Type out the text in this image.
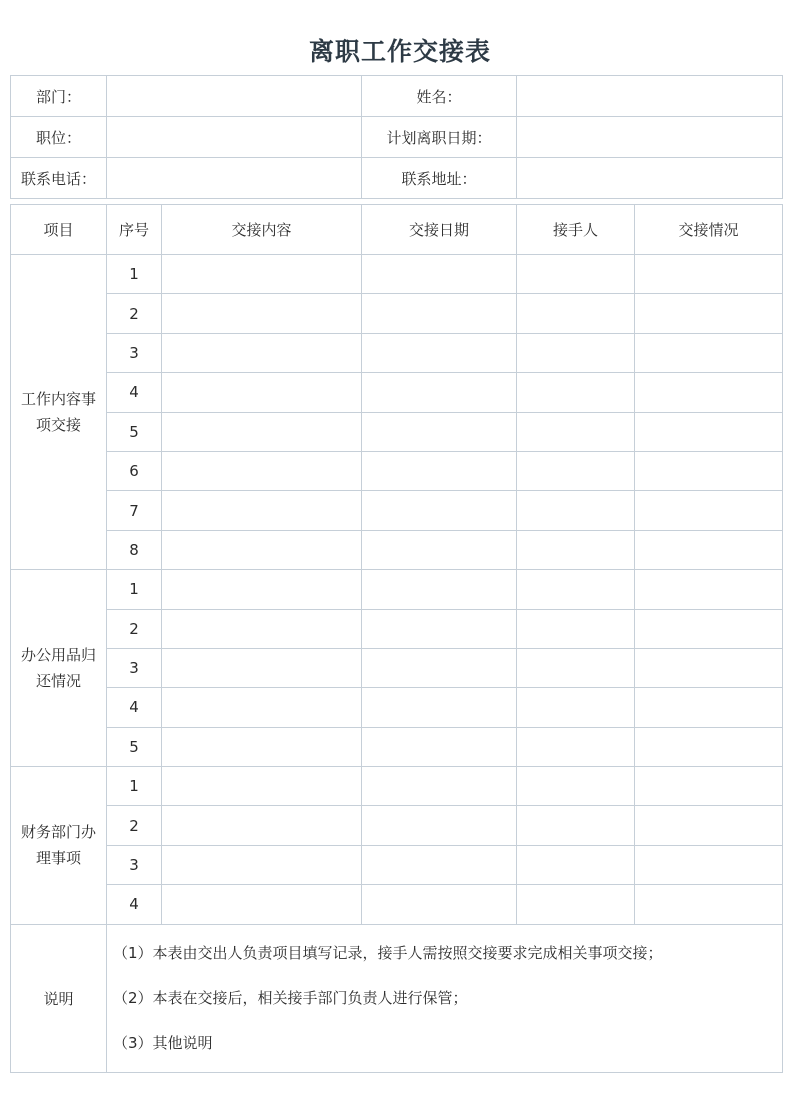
离职工作交接表
部门：		姓名：	
职位：		计划离职日期：	
联系电话：		联系地址：	
项目	序号	交接内容	交接日期	接手人	交接情况
工作内容事项交接	1				
	2				
	3				
	4				
	5				
	6				
	7				
	8				
办公用品归还情况	1				
	2				
	3				
	4				
	5				
财务部门办理事项	1				
	2				
	3				
	4				
说明	（1）本表由交出人负责项目填写记录，接手人需按照交接要求完成相关事项交接；
（2）本表在交接后，相关接手部门负责人进行保管；
（3）其他说明				
